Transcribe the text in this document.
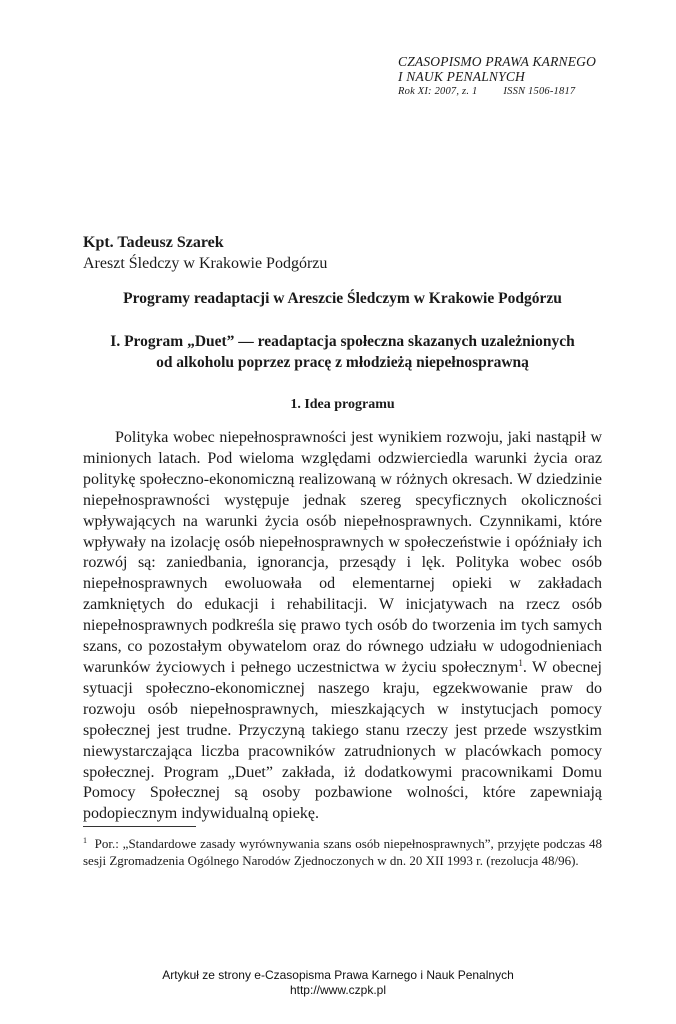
CZASOPISMO PRAWA KARNEGO
I NAUK PENALNYCH
Rok XI: 2007, z. 1 ISSN 1506-1817
Kpt. Tadeusz Szarek
Areszt Śledczy w Krakowie Podgórzu
Programy readaptacji w Areszcie Śledczym w Krakowie Podgórzu
I. Program „Duet” — readaptacja społeczna skazanych uzależnionych
od alkoholu poprzez pracę z młodzieżą niepełnosprawną
1. Idea programu

Polityka wobec niepełnosprawności jest wynikiem rozwoju, jaki nastąpił w minionych latach. Pod wieloma względami odzwierciedla warunki życia oraz politykę społeczno-ekonomiczną realizowaną w różnych okresach. W dziedzinie niepełnosprawności występuje jednak szereg specyficznych okoliczności wpływających na warunki życia osób niepełnosprawnych. Czynnikami, które wpływały na izolację osób niepełnosprawnych w społeczeństwie i opóźniały ich rozwój są: zaniedbania, ignorancja, przesądy i lęk. Polityka wobec osób niepełnosprawnych ewoluowała od elementarnej opieki w zakładach zamkniętych do edukacji i rehabilitacji. W inicjatywach na rzecz osób niepełnosprawnych podkreśla się prawo tych osób do tworzenia im tych samych szans, co pozostałym obywatelom oraz do równego udziału w udogodnieniach warunków życiowych i pełnego uczestnictwa w życiu społecznym$^1$. W obecnej sytuacji społeczno-ekonomicznej naszego kraju, egzekwowanie praw do rozwoju osób niepełnosprawnych, mieszkających w instytucjach pomocy społecznej jest trudne. Przyczyną takiego stanu rzeczy jest przede wszystkim niewystarczająca liczba pracowników zatrudnionych w placówkach pomocy społecznej. Program „Duet” zakłada, iż dodatkowymi pracownikami Domu Pomocy Społecznej są osoby pozbawione wolności, które zapewniają podopiecznym indywidualną opiekę.

$^1$ Por.: „Standardowe zasady wyrównywania szans osób niepełnosprawnych”, przyjęte podczas 48 sesji Zgromadzenia Ogólnego Narodów Zjednoczonych w dn. 20 XII 1993 r. (rezolucja 48/96).
Artykuł ze strony e-Czasopisma Prawa Karnego i Nauk Penalnych
http://www.czpk.pl
